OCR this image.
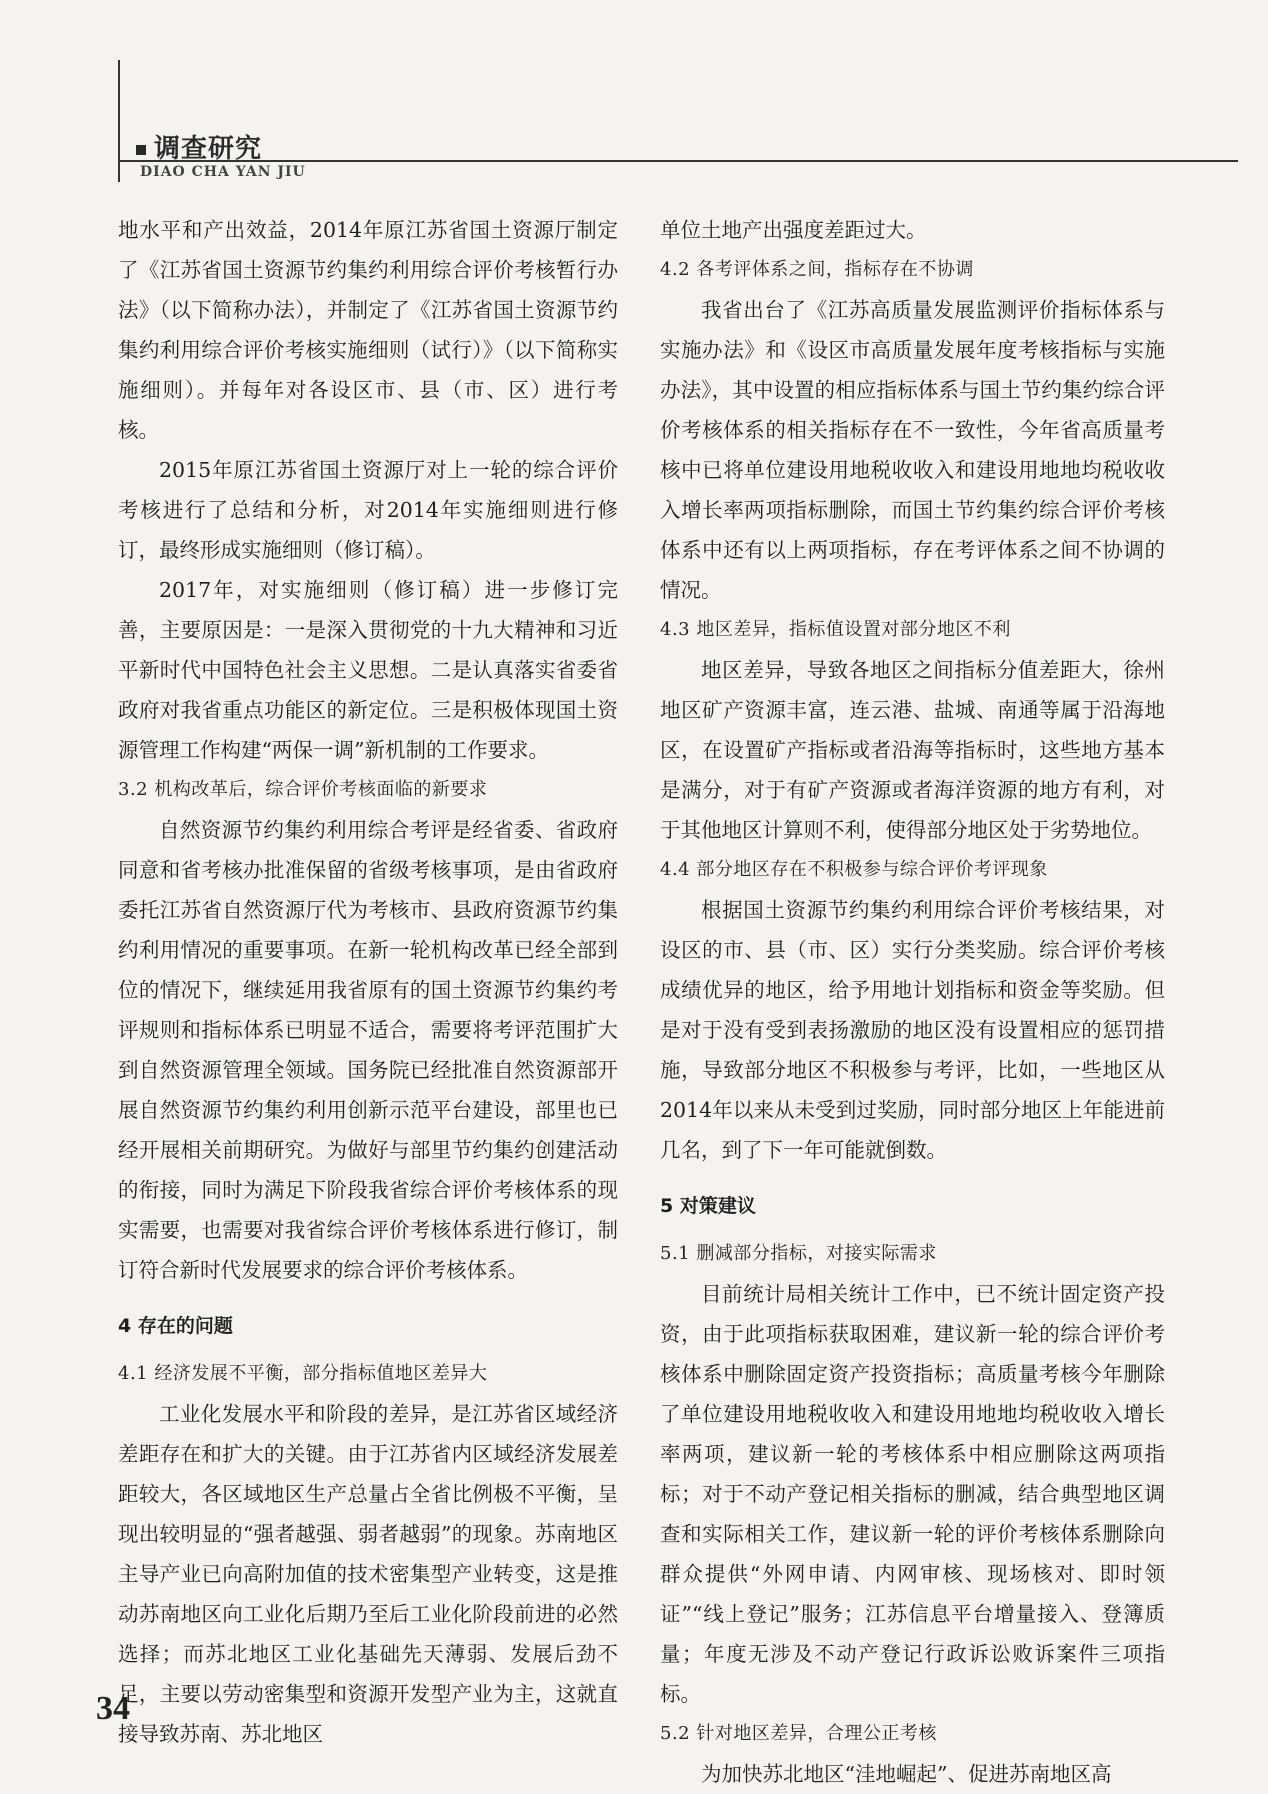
调查研究
DIAO CHA YAN JIU

地水平和产出效益，2014年原江苏省国土资源厅制定了《江苏省国土资源节约集约利用综合评价考核暂行办法》（以下简称办法），并制定了《江苏省国土资源节约集约利用综合评价考核实施细则（试行）》（以下简称实施细则）。并每年对各设区市、县（市、区）进行考核。

2015年原江苏省国土资源厅对上一轮的综合评价考核进行了总结和分析，对2014年实施细则进行修订，最终形成实施细则（修订稿）。

2017年，对实施细则（修订稿）进一步修订完善，主要原因是：一是深入贯彻党的十九大精神和习近平新时代中国特色社会主义思想。二是认真落实省委省政府对我省重点功能区的新定位。三是积极体现国土资源管理工作构建“两保一调”新机制的工作要求。

3.2 机构改革后，综合评价考核面临的新要求

自然资源节约集约利用综合考评是经省委、省政府同意和省考核办批准保留的省级考核事项，是由省政府委托江苏省自然资源厅代为考核市、县政府资源节约集约利用情况的重要事项。在新一轮机构改革已经全部到位的情况下，继续延用我省原有的国土资源节约集约考评规则和指标体系已明显不适合，需要将考评范围扩大到自然资源管理全领域。国务院已经批准自然资源部开展自然资源节约集约利用创新示范平台建设，部里也已经开展相关前期研究。为做好与部里节约集约创建活动的衔接，同时为满足下阶段我省综合评价考核体系的现实需要，也需要对我省综合评价考核体系进行修订，制订符合新时代发展要求的综合评价考核体系。

4 存在的问题
4.1 经济发展不平衡，部分指标值地区差异大

工业化发展水平和阶段的差异，是江苏省区域经济差距存在和扩大的关键。由于江苏省内区域经济发展差距较大，各区域地区生产总量占全省比例极不平衡，呈现出较明显的“强者越强、弱者越弱”的现象。苏南地区主导产业已向高附加值的技术密集型产业转变，这是推动苏南地区向工业化后期乃至后工业化阶段前进的必然选择；而苏北地区工业化基础先天薄弱、发展后劲不足，主要以劳动密集型和资源开发型产业为主，这就直接导致苏南、苏北地区

单位土地产出强度差距过大。

4.2 各考评体系之间，指标存在不协调

我省出台了《江苏高质量发展监测评价指标体系与实施办法》和《设区市高质量发展年度考核指标与实施办法》，其中设置的相应指标体系与国土节约集约综合评价考核体系的相关指标存在不一致性，今年省高质量考核中已将单位建设用地税收收入和建设用地地均税收收入增长率两项指标删除，而国土节约集约综合评价考核体系中还有以上两项指标，存在考评体系之间不协调的情况。

4.3 地区差异，指标值设置对部分地区不利

地区差异，导致各地区之间指标分值差距大，徐州地区矿产资源丰富，连云港、盐城、南通等属于沿海地区，在设置矿产指标或者沿海等指标时，这些地方基本是满分，对于有矿产资源或者海洋资源的地方有利，对于其他地区计算则不利，使得部分地区处于劣势地位。

4.4 部分地区存在不积极参与综合评价考评现象

根据国土资源节约集约利用综合评价考核结果，对设区的市、县（市、区）实行分类奖励。综合评价考核成绩优异的地区，给予用地计划指标和资金等奖励。但是对于没有受到表扬激励的地区没有设置相应的惩罚措施，导致部分地区不积极参与考评，比如，一些地区从2014年以来从未受到过奖励，同时部分地区上年能进前几名，到了下一年可能就倒数。

5 对策建议
5.1 删减部分指标，对接实际需求

目前统计局相关统计工作中，已不统计固定资产投资，由于此项指标获取困难，建议新一轮的综合评价考核体系中删除固定资产投资指标；高质量考核今年删除了单位建设用地税收收入和建设用地地均税收收入增长率两项，建议新一轮的考核体系中相应删除这两项指标；对于不动产登记相关指标的删减，结合典型地区调查和实际相关工作，建议新一轮的评价考核体系删除向群众提供“外网申请、内网审核、现场核对、即时领证”“线上登记”服务；江苏信息平台增量接入、登簿质量；年度无涉及不动产登记行政诉讼败诉案件三项指标。

5.2 针对地区差异，合理公正考核

为加快苏北地区“洼地崛起”、促进苏南地区高

34
